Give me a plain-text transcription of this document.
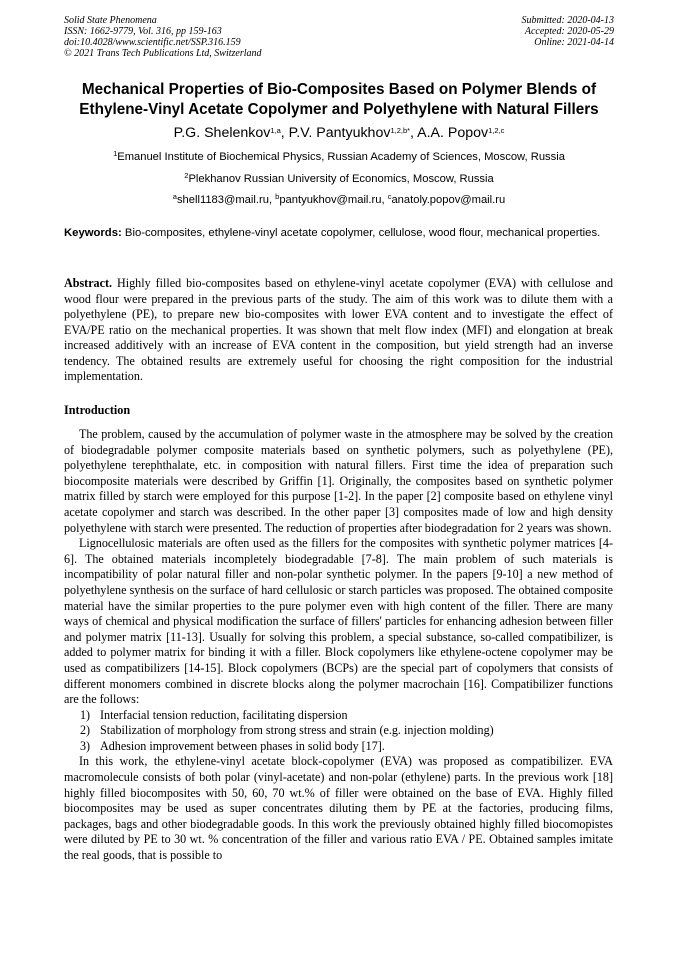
Solid State Phenomena
ISSN: 1662-9779, Vol. 316, pp 159-163
doi:10.4028/www.scientific.net/SSP.316.159
© 2021 Trans Tech Publications Ltd, Switzerland
Submitted: 2020-04-13
Accepted: 2020-05-29
Online: 2021-04-14
Mechanical Properties of Bio-Composites Based on Polymer Blends of
Ethylene-Vinyl Acetate Copolymer and Polyethylene with Natural Fillers
P.G. Shelenkov$^{1,a}$, P.V. Pantyukhov$^{1,2,b*}$, A.A. Popov$^{1,2,c}$
$^1$Emanuel Institute of Biochemical Physics, Russian Academy of Sciences, Moscow, Russia
$^2$Plekhanov Russian University of Economics, Moscow, Russia
$^a$shell1183@mail.ru, $^b$pantyukhov@mail.ru, $^c$anatoly.popov@mail.ru
Keywords: Bio-composites, ethylene-vinyl acetate copolymer, cellulose, wood flour, mechanical properties.
Abstract. Highly filled bio-composites based on ethylene-vinyl acetate copolymer (EVA) with cellulose and wood flour were prepared in the previous parts of the study. The aim of this work was to dilute them with a polyethylene (PE), to prepare new bio-composites with lower EVA content and to investigate the effect of EVA/PE ratio on the mechanical properties. It was shown that melt flow index (MFI) and elongation at break increased additively with an increase of EVA content in the composition, but yield strength had an inverse tendency. The obtained results are extremely useful for choosing the right composition for the industrial implementation.
Introduction

The problem, caused by the accumulation of polymer waste in the atmosphere may be solved by the creation of biodegradable polymer composite materials based on synthetic polymers, such as polyethylene (PE), polyethylene terephthalate, etc. in composition with natural fillers. First time the idea of preparation such biocomposite materials were described by Griffin [1]. Originally, the composites based on synthetic polymer matrix filled by starch were employed for this purpose [1-2]. In the paper [2] composite based on ethylene vinyl acetate copolymer and starch was described. In the other paper [3] composites made of low and high density polyethylene with starch were presented. The reduction of properties after biodegradation for 2 years was shown.

Lignocellulosic materials are often used as the fillers for the composites with synthetic polymer matrices [4-6]. The obtained materials incompletely biodegradable [7-8]. The main problem of such materials is incompatibility of polar natural filler and non-polar synthetic polymer. In the papers [9-10] a new method of polyethylene synthesis on the surface of hard cellulosic or starch particles was proposed. The obtained composite material have the similar properties to the pure polymer even with high content of the filler. There are many ways of chemical and physical modification the surface of fillers' particles for enhancing adhesion between filler and polymer matrix [11-13]. Usually for solving this problem, a special substance, so-called compatibilizer, is added to polymer matrix for binding it with a filler. Block copolymers like ethylene-octene copolymer may be used as compatibilizers [14-15]. Block copolymers (BCPs) are the special part of copolymers that consists of different monomers combined in discrete blocks along the polymer macrochain [16]. Compatibilizer functions are the follows:

1) Interfacial tension reduction, facilitating dispersion
2) Stabilization of morphology from strong stress and strain (e.g. injection molding)
3) Adhesion improvement between phases in solid body [17].

In this work, the ethylene-vinyl acetate block-copolymer (EVA) was proposed as compatibilizer. EVA macromolecule consists of both polar (vinyl-acetate) and non-polar (ethylene) parts. In the previous work [18] highly filled biocomposites with 50, 60, 70 wt.% of filler were obtained on the base of EVA. Highly filled biocomposites may be used as super concentrates diluting them by PE at the factories, producing films, packages, bags and other biodegradable goods. In this work the previously obtained highly filled biocomopistes were diluted by PE to 30 wt. % concentration of the filler and various ratio EVA / PE. Obtained samples imitate the real goods, that is possible to
